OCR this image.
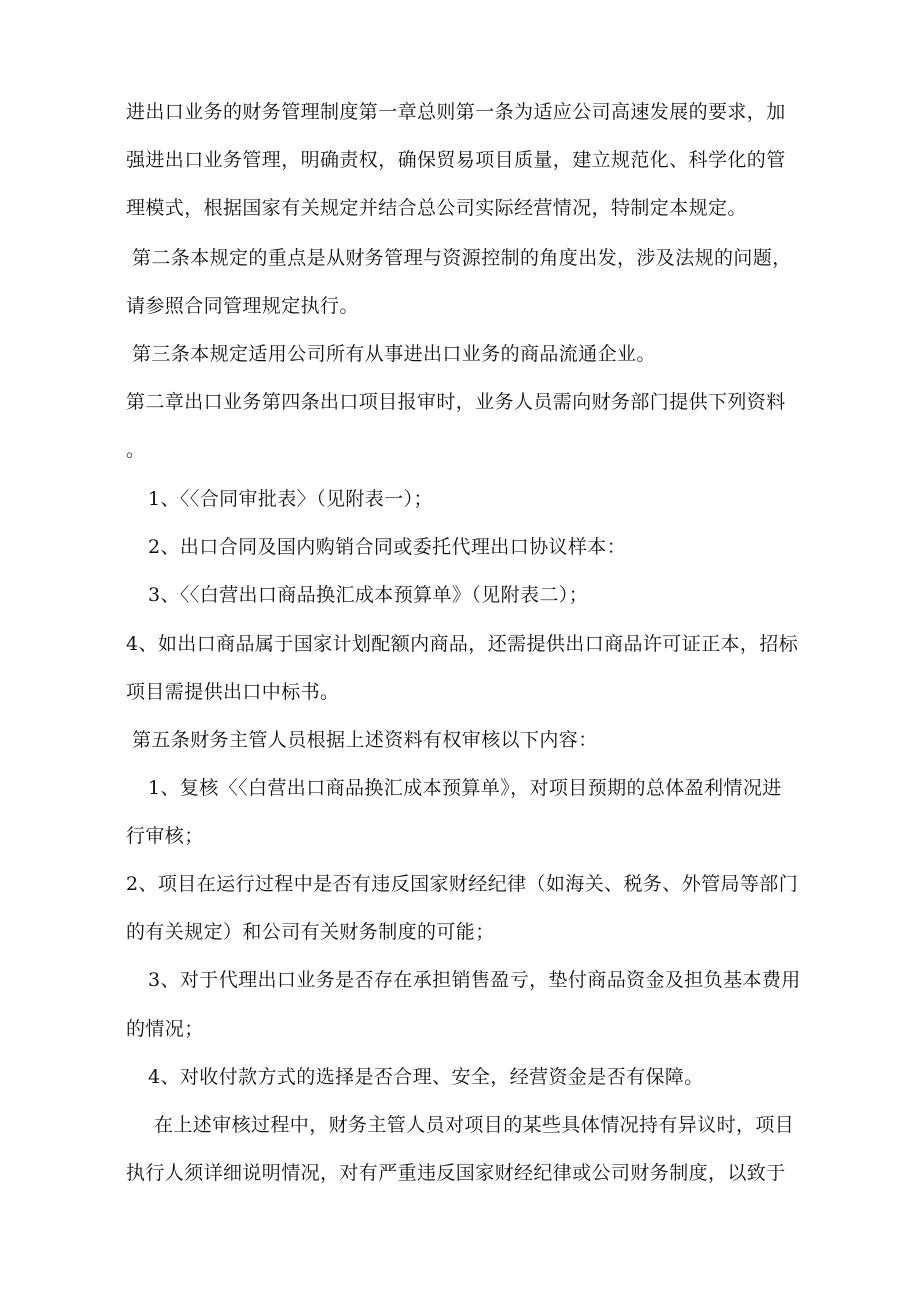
进出口业务的财务管理制度第一章总则第一条为适应公司高速发展的要求，加
强进出口业务管理，明确责权，确保贸易项目质量，建立规范化、科学化的管
理模式，根据国家有关规定并结合总公司实际经营情况，特制定本规定。
第二条本规定的重点是从财务管理与资源控制的角度出发，涉及法规的问题，
请参照合同管理规定执行。
第三条本规定适用公司所有从事进出口业务的商品流通企业。
第二章出口业务第四条出口项目报审时，业务人员需向财务部门提供下列资料
。
1、〈〈合同审批表〉（见附表一）；
2、出口合同及国内购销合同或委托代理出口协议样本：
3、〈〈白营出口商品换汇成本预算单》（见附表二）；
4、如出口商品属于国家计划配额内商品，还需提供出口商品许可证正本，招标
项目需提供出口中标书。
第五条财务主管人员根据上述资料有权审核以下内容：
1、复核〈〈白营出口商品换汇成本预算单》，对项目预期的总体盈利情况进
行审核；
2、项目在运行过程中是否有违反国家财经纪律（如海关、税务、外管局等部门
的有关规定）和公司有关财务制度的可能；
3、对于代理出口业务是否存在承担销售盈亏，垫付商品资金及担负基本费用
的情况；
4、对收付款方式的选择是否合理、安全，经营资金是否有保障。
在上述审核过程中，财务主管人员对项目的某些具体情况持有异议时，项目
执行人须详细说明情况，对有严重违反国家财经纪律或公司财务制度，以致于
